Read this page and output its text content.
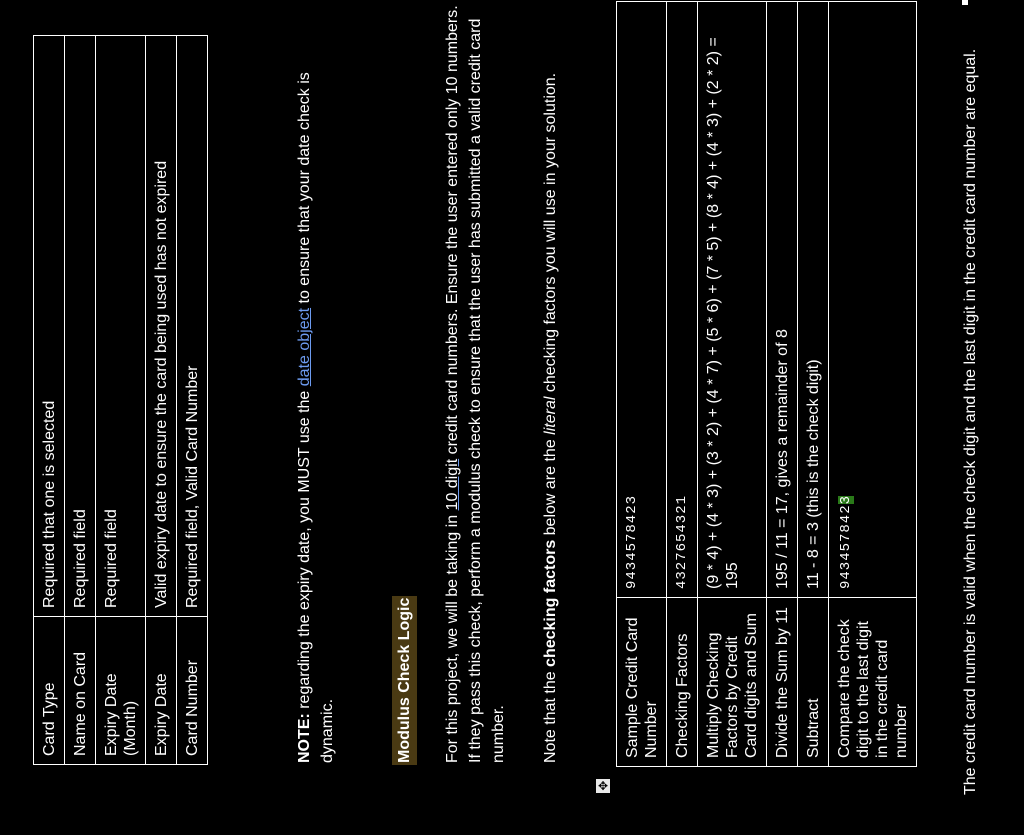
Card Type	Required that one is selected
Name on Card	Required field
Expiry Date (Month)	Required field
Expiry Date	Valid expiry date to ensure the card being used has not expired
Card Number	Required field, Valid Card Number

NOTE: regarding the expiry date, you MUST use the date object to ensure that your date check is dynamic.	Modulus Check Logic For this project, we will be taking in 10 digit credit card numbers. Ensure the user entered only 10 numbers. If they pass this check, perform a modulus check to ensure that the user has submitted a valid credit card number. Note that the checking factors below are the literal checking factors you will use in your solution.

✥
Sample Credit Card Number	9434578423
Checking Factors	4327654321
Multiply Checking Factors by Credit Card digits and Sum	(9 * 4) + (4 * 3) + (3 * 2) + (4 * 7) + (5 * 6) + (7 * 5) + (8 * 4) + (4 * 3) + (2 * 2) = 195
Divide the Sum by 11	195 / 11 = 17, gives a remainder of 8
Subtract	11 - 8 = 3 (this is the check digit)
Compare the check digit to the last digit in the credit card number	9434578423	The credit card number is valid when the check digit and the last digit in the credit card number are equal.
